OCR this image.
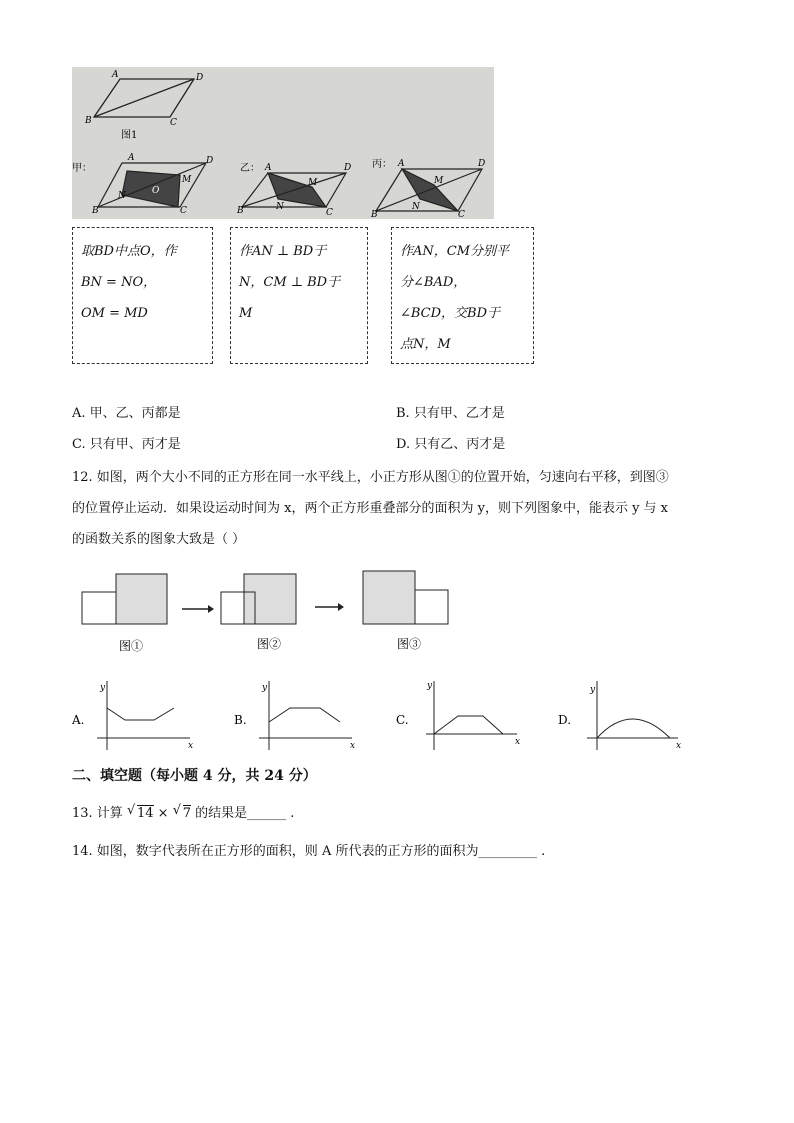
A	D
B	C
图1
甲：
A	D
B	C
M
N	O
乙： A	D
B	C
M
N
丙： A	D
B	C
M
N
取BD中点O，作
BN = NO，
OM = MD
作AN ⊥ BD于
N，CM ⊥ BD于
M
作AN，CM分别平
分∠BAD，
∠BCD，交BD于
点N，M
A. 甲、乙、丙都是	B. 只有甲、乙才是
C. 只有甲、丙才是	D. 只有乙、丙才是
12. 如图，两个大小不同的正方形在同一水平线上，小正方形从图①的位置开始，匀速向右平移，到图③
的位置停止运动．如果设运动时间为 x，两个正方形重叠部分的面积为 y，则下列图象中，能表示 y 与 x
的函数关系的图象大致是（ ）
图①	图②	图③
A.	B.	C.	D.
y
x
y
x
y
x
y
x
二、填空题（每小题 4 分，共 24 分）
13. 计算 √ 14 × √ 7 的结果是______ .
14. 如图，数字代表所在正方形的面积，则 A 所代表的正方形的面积为_________ .
